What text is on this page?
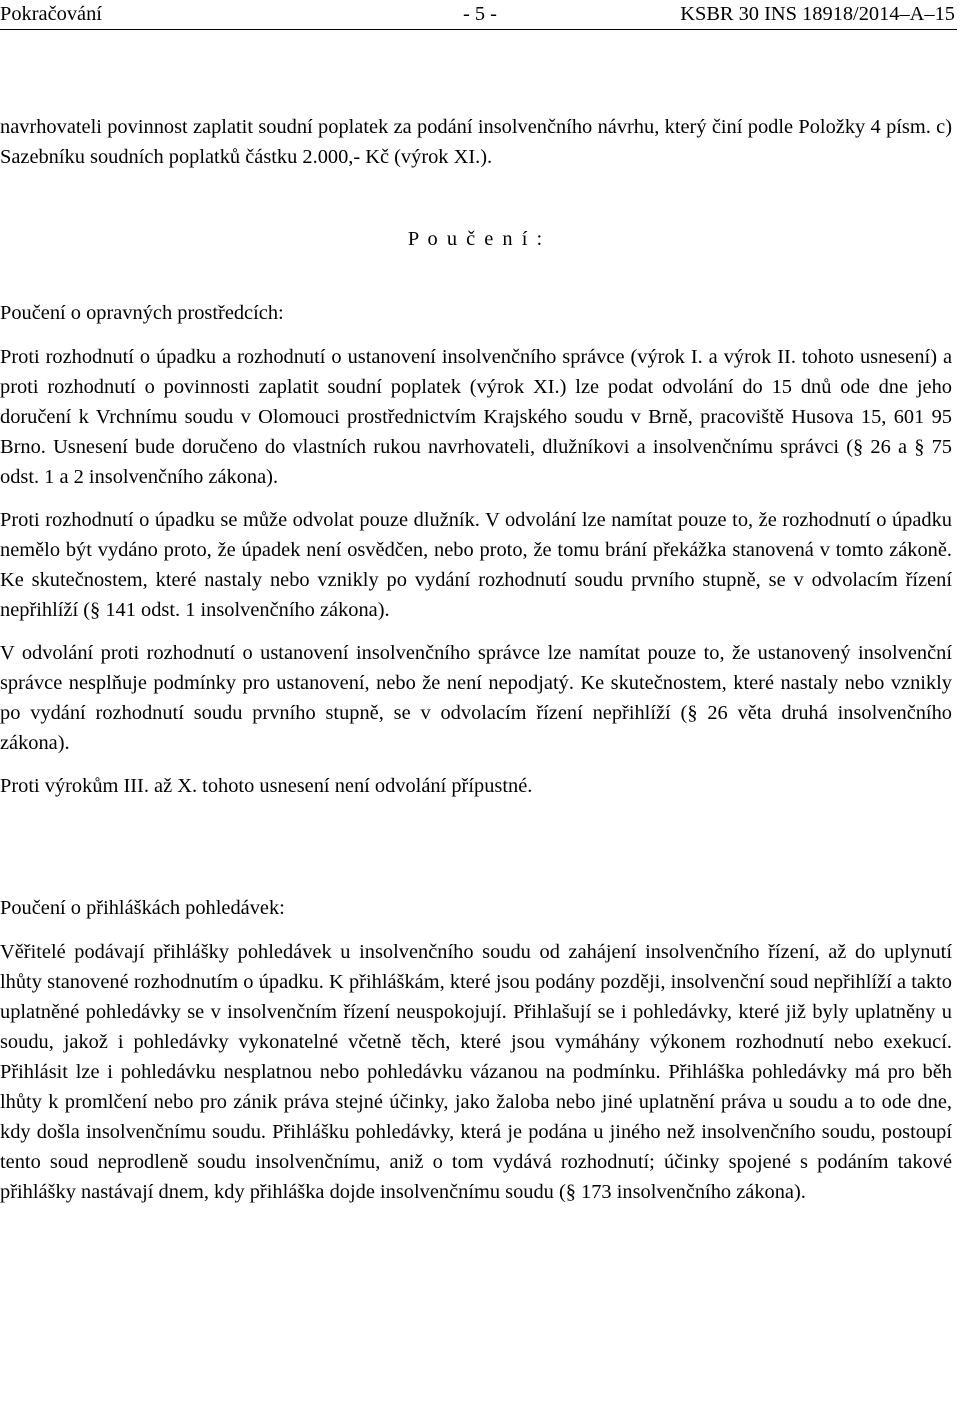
Pokračování	- 5 -	KSBR 30 INS 18918/2014–A–15

navrhovateli povinnost zaplatit soudní poplatek za podání insolvenčního návrhu, který činí podle Položky 4 písm. c) Sazebníku soudních poplatků částku 2.000,- Kč (výrok XI.).

P o u č e n í :

Poučení o opravných prostředcích:

Proti rozhodnutí o úpadku a rozhodnutí o ustanovení insolvenčního správce (výrok I. a výrok II. tohoto usnesení) a proti rozhodnutí o povinnosti zaplatit soudní poplatek (výrok XI.) lze podat odvolání do 15 dnů ode dne jeho doručení k Vrchnímu soudu v Olomouci prostřednictvím Krajského soudu v Brně, pracoviště Husova 15, 601 95 Brno. Usnesení bude doručeno do vlastních rukou navrhovateli, dlužníkovi a insolvenčnímu správci (§ 26 a § 75 odst. 1 a 2 insolvenčního zákona).

Proti rozhodnutí o úpadku se může odvolat pouze dlužník. V odvolání lze namítat pouze to, že rozhodnutí o úpadku nemělo být vydáno proto, že úpadek není osvědčen, nebo proto, že tomu brání překážka stanovená v tomto zákoně. Ke skutečnostem, které nastaly nebo vznikly po vydání rozhodnutí soudu prvního stupně, se v odvolacím řízení nepřihlíží (§ 141 odst. 1 insolvenčního zákona).

V odvolání proti rozhodnutí o ustanovení insolvenčního správce lze namítat pouze to, že ustanovený insolvenční správce nesplňuje podmínky pro ustanovení, nebo že není nepodjatý. Ke skutečnostem, které nastaly nebo vznikly po vydání rozhodnutí soudu prvního stupně, se v odvolacím řízení nepřihlíží (§ 26 věta druhá insolvenčního zákona).

Proti výrokům III. až X. tohoto usnesení není odvolání přípustné.

Poučení o přihláškách pohledávek:

Věřitelé podávají přihlášky pohledávek u insolvenčního soudu od zahájení insolvenčního řízení, až do uplynutí lhůty stanovené rozhodnutím o úpadku. K přihláškám, které jsou podány později, insolvenční soud nepřihlíží a takto uplatněné pohledávky se v insolvenčním řízení neuspokojují. Přihlašují se i pohledávky, které již byly uplatněny u soudu, jakož i pohledávky vykonatelné včetně těch, které jsou vymáhány výkonem rozhodnutí nebo exekucí. Přihlásit lze i pohledávku nesplatnou nebo pohledávku vázanou na podmínku. Přihláška pohledávky má pro běh lhůty k promlčení nebo pro zánik práva stejné účinky, jako žaloba nebo jiné uplatnění práva u soudu a to ode dne, kdy došla insolvenčnímu soudu. Přihlášku pohledávky, která je podána u jiného než insolvenčního soudu, postoupí tento soud neprodleně soudu insolvenčnímu, aniž o tom vydává rozhodnutí; účinky spojené s podáním takové přihlášky nastávají dnem, kdy přihláška dojde insolvenčnímu soudu (§ 173 insolvenčního zákona).
